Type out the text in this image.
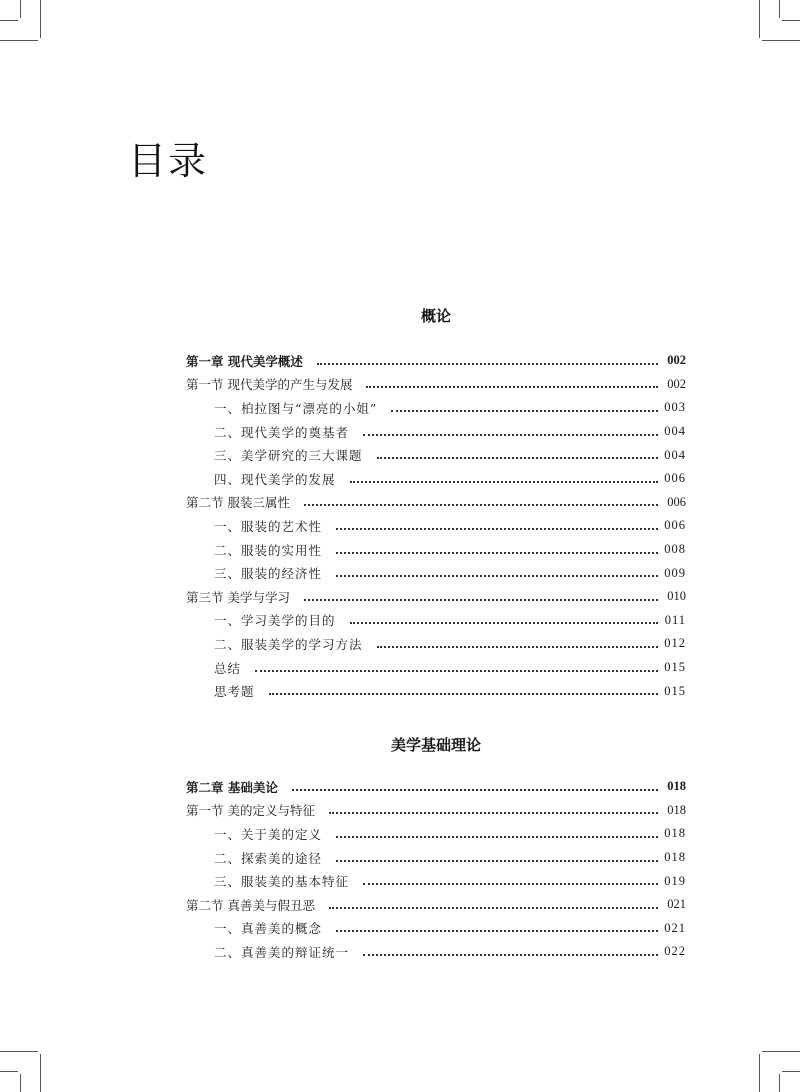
目录
概论
第一章 现代美学概述	002
第一节 现代美学的产生与发展	002
一、柏拉图与“漂亮的小姐”	003
二、现代美学的奠基者	004
三、美学研究的三大课题	004
四、现代美学的发展	006
第二节 服装三属性	006
一、服装的艺术性	006
二、服装的实用性	008
三、服装的经济性	009
第三节 美学与学习	010
一、学习美学的目的	011
二、服装美学的学习方法	012
总结	015
思考题	015
美学基础理论
第二章 基础美论	018
第一节 美的定义与特征	018
一、关于美的定义	018
二、探索美的途径	018
三、服装美的基本特征	019
第二节 真善美与假丑恶	021
一、真善美的概念	021
二、真善美的辩证统一	022
